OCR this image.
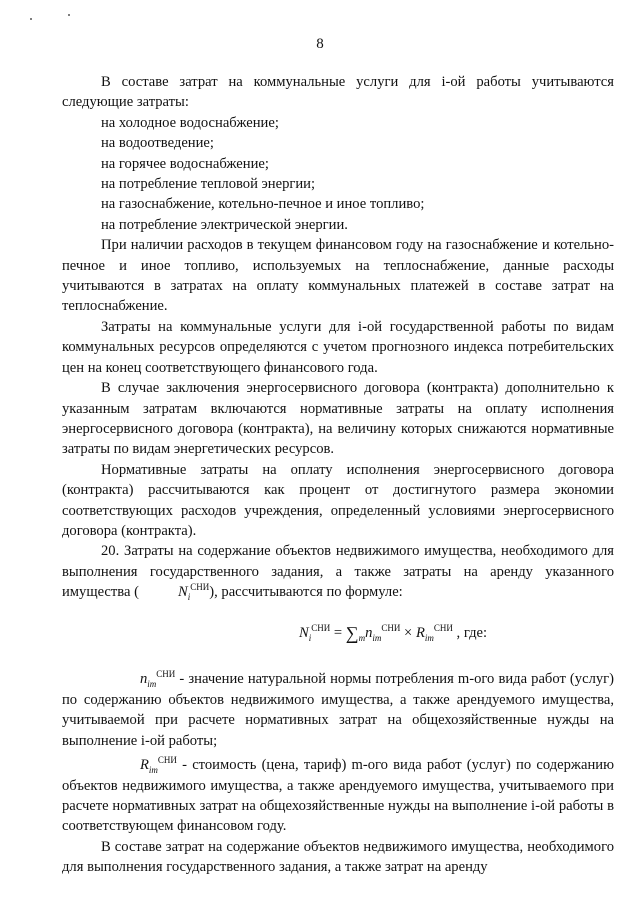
8

В составе затрат на коммунальные услуги для i-ой работы учитываются следующие затраты:

на холодное водоснабжение;

на водоотведение;

на горячее водоснабжение;

на потребление тепловой энергии;

на газоснабжение, котельно-печное и иное топливо;

на потребление электрической энергии.

При наличии расходов в текущем финансовом году на газоснабжение и котельно-печное и иное топливо, используемых на теплоснабжение, данные расходы учитываются в затратах на оплату коммунальных платежей в составе затрат на теплоснабжение.

Затраты на коммунальные услуги для i-ой государственной работы по видам коммунальных ресурсов определяются с учетом прогнозного индекса потребительских цен на конец соответствующего финансового года.

В случае заключения энергосервисного договора (контракта) дополнительно к указанным затратам включаются нормативные затраты на оплату исполнения энергосервисного договора (контракта), на величину которых снижаются нормативные затраты по видам энергетических ресурсов.

Нормативные затраты на оплату исполнения энергосервисного договора (контракта) рассчитываются как процент от достигнутого размера экономии соответствующих расходов учреждения, определенный условиями энергосервисного договора (контракта).

20. Затраты на содержание объектов недвижимого имущества, необходимого для выполнения государственного задания, а также затраты на аренду указанного имущества (	$N_i^{СНИ}$), рассчитываются по формуле:

$N_i^{СНИ} = \sum_mn_{im}^{СНИ} \times R_{im}^{СНИ}$ , где:

$n_{im}^{СНИ}$ - значение натуральной нормы потребления m-ого вида работ (услуг) по содержанию объектов недвижимого имущества, а также арендуемого имущества, учитываемой при расчете нормативных затрат на общехозяйственные нужды на выполнение i-ой работы;

$R_{im}^{СНИ}$ - стоимость (цена, тариф) m-ого вида работ (услуг) по содержанию объектов недвижимого имущества, а также арендуемого имущества, учитываемого при расчете нормативных затрат на общехозяйственные нужды на выполнение i-ой работы в соответствующем финансовом году.

В составе затрат на содержание объектов недвижимого имущества, необходимого для выполнения государственного задания, а также затрат на аренду
